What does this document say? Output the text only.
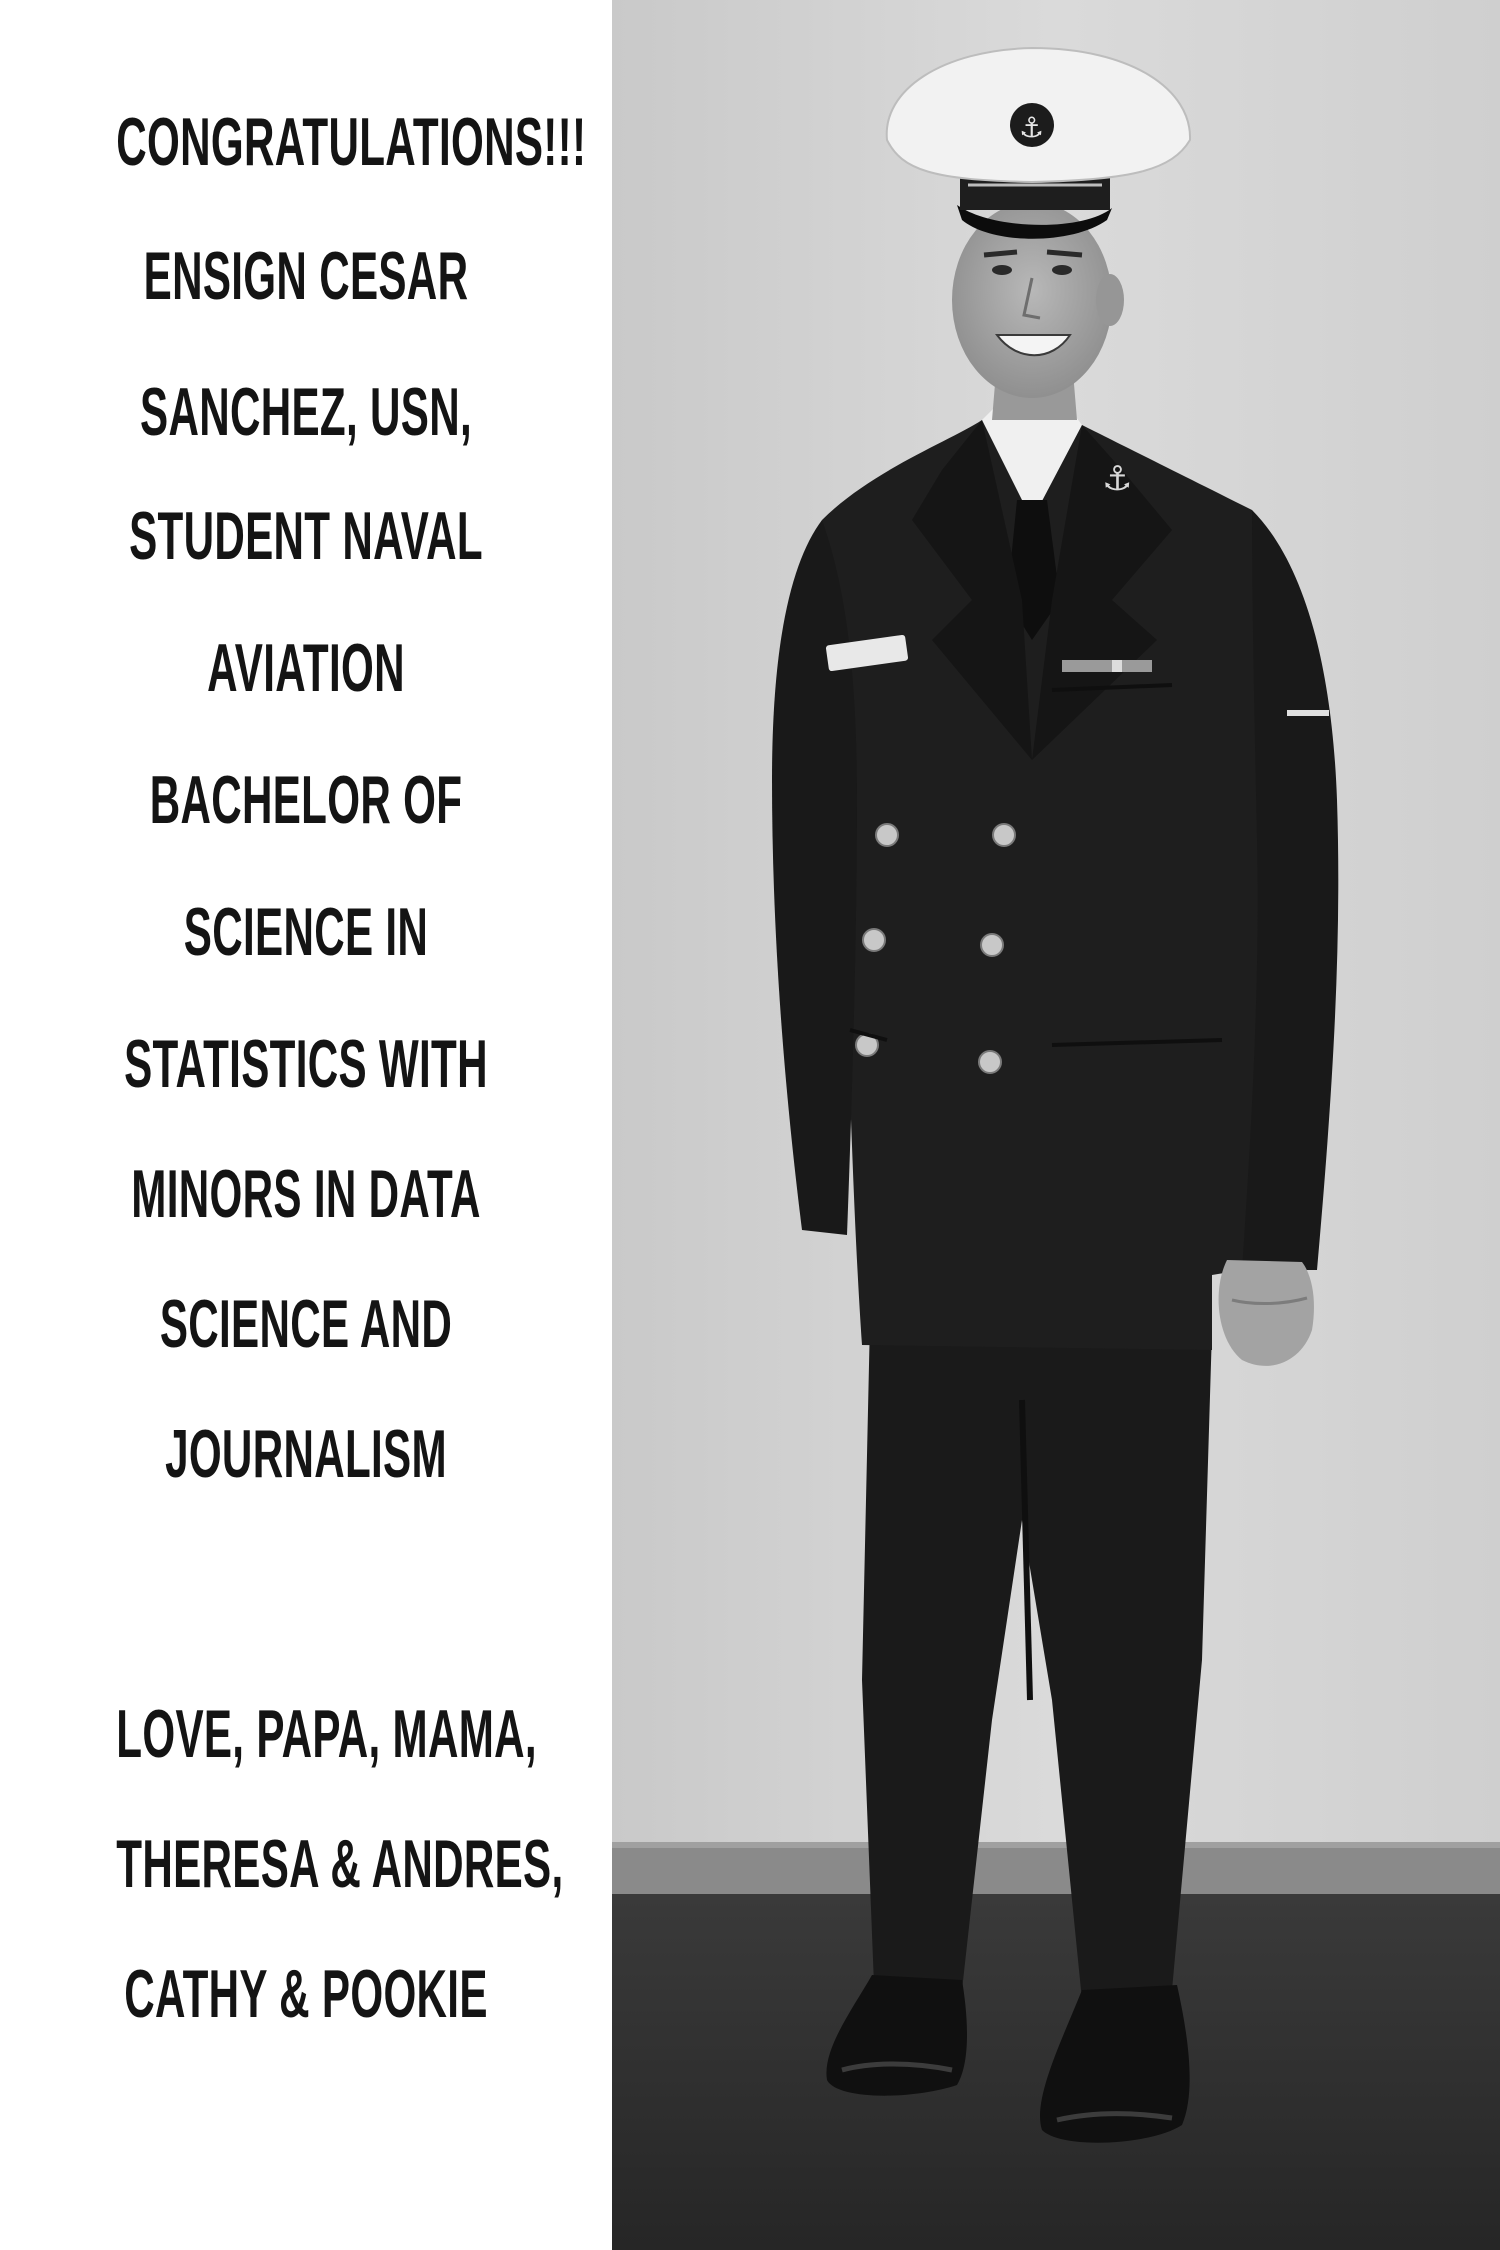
CONGRATULATIONS!!!
ENSIGN CESAR
SANCHEZ, USN,
STUDENT NAVAL
AVIATION
BACHELOR OF
SCIENCE IN
STATISTICS WITH
MINORS IN DATA
SCIENCE AND
JOURNALISM
LOVE, PAPA, MAMA,
THERESA & ANDRES,
CATHY & POOKIE
⚓
⚓
